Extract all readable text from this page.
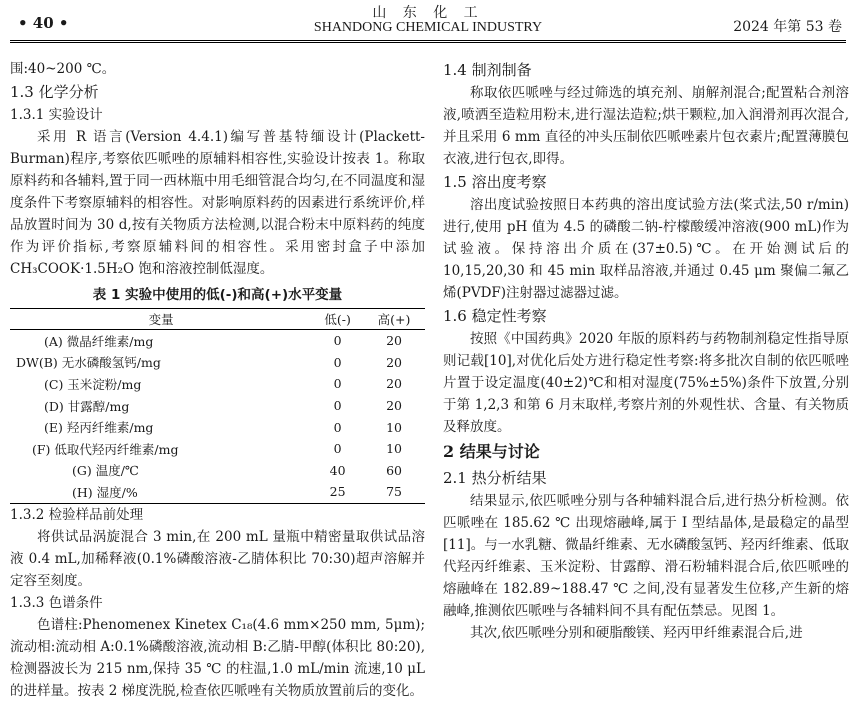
• 40 •
山 东 化 工
SHANDONG CHEMICAL INDUSTRY	2024 年第 53 卷

围:40~200 ℃。

1.3 化学分析
1.3.1 实验设计

采用 R 语言(Version 4.4.1)编写普基特缅设计(Plackett-Burman)程序,考察依匹哌唑的原辅料相容性,实验设计按表 1。称取原料药和各辅料,置于同一西林瓶中用毛细管混合均匀,在不同温度和湿度条件下考察原辅料的相容性。对影响原料药的因素进行系统评价,样品放置时间为 30 d,按有关物质方法检测,以混合粉末中原料药的纯度作为评价指标,考察原辅料间的相容性。采用密封盒子中添加 CH₃COOK·1.5H₂O 饱和溶液控制低湿度。

表 1 实验中使用的低(-)和高(+)水平变量
变量	低(-)	高(+)
(A) 微晶纤维素/mg	0	20
DW(B) 无水磷酸氢钙/mg	0	20
(C) 玉米淀粉/mg	0	20
(D) 甘露醇/mg	0	20
(E) 羟丙纤维素/mg	0	10
(F) 低取代羟丙纤维素/mg	0	10
(G) 温度/℃	40	60
(H) 湿度/%	25	75
1.3.2 检验样品前处理

将供试品涡旋混合 3 min,在 200 mL 量瓶中精密量取供试品溶液 0.4 mL,加稀释液(0.1%磷酸溶液-乙腈体积比 70:30)超声溶解并定容至刻度。

1.3.3 色谱条件

色谱柱:Phenomenex Kinetex C₁₈(4.6 mm×250 mm, 5μm);流动相:流动相 A:0.1%磷酸溶液,流动相 B:乙腈-甲醇(体积比 80:20),检测器波长为 215 nm,保持 35 ℃ 的柱温,1.0 mL/min 流速,10 μL 的进样量。按表 2 梯度洗脱,检查依匹哌唑有关物质放置前后的变化。

1.4 制剂制备

称取依匹哌唑与经过筛选的填充剂、崩解剂混合;配置粘合剂溶液,喷洒至造粒用粉末,进行湿法造粒;烘干颗粒,加入润滑剂再次混合,并且采用 6 mm 直径的冲头压制依匹哌唑素片包衣素片;配置薄膜包衣液,进行包衣,即得。

1.5 溶出度考察

溶出度试验按照日本药典的溶出度试验方法(桨式法,50 r/min)进行,使用 pH 值为 4.5 的磷酸二钠-柠檬酸缓冲溶液(900 mL)作为试验液。保持溶出介质在(37±0.5)℃。在开始测试后的 10,15,20,30 和 45 min 取样品溶液,并通过 0.45 μm 聚偏二氟乙烯(PVDF)注射器过滤器过滤。

1.6 稳定性考察

按照《中国药典》2020 年版的原料药与药物制剂稳定性指导原则记载[10],对优化后处方进行稳定性考察:将多批次自制的依匹哌唑片置于设定温度(40±2)℃和相对湿度(75%±5%)条件下放置,分别于第 1,2,3 和第 6 月末取样,考察片剂的外观性状、含量、有关物质及释放度。

2 结果与讨论
2.1 热分析结果

结果显示,依匹哌唑分别与各种辅料混合后,进行热分析检测。依匹哌唑在 185.62 ℃ 出现熔融峰,属于 I 型结晶体,是最稳定的晶型[11]。与一水乳糖、微晶纤维素、无水磷酸氢钙、羟丙纤维素、低取代羟丙纤维素、玉米淀粉、甘露醇、滑石粉辅料混合后,依匹哌唑的熔融峰在 182.89~188.47 ℃ 之间,没有显著发生位移,产生新的熔融峰,推测依匹哌唑与各辅料间不具有配伍禁忌。见图 1。

其次,依匹哌唑分别和硬脂酸镁、羟丙甲纤维素混合后,进
